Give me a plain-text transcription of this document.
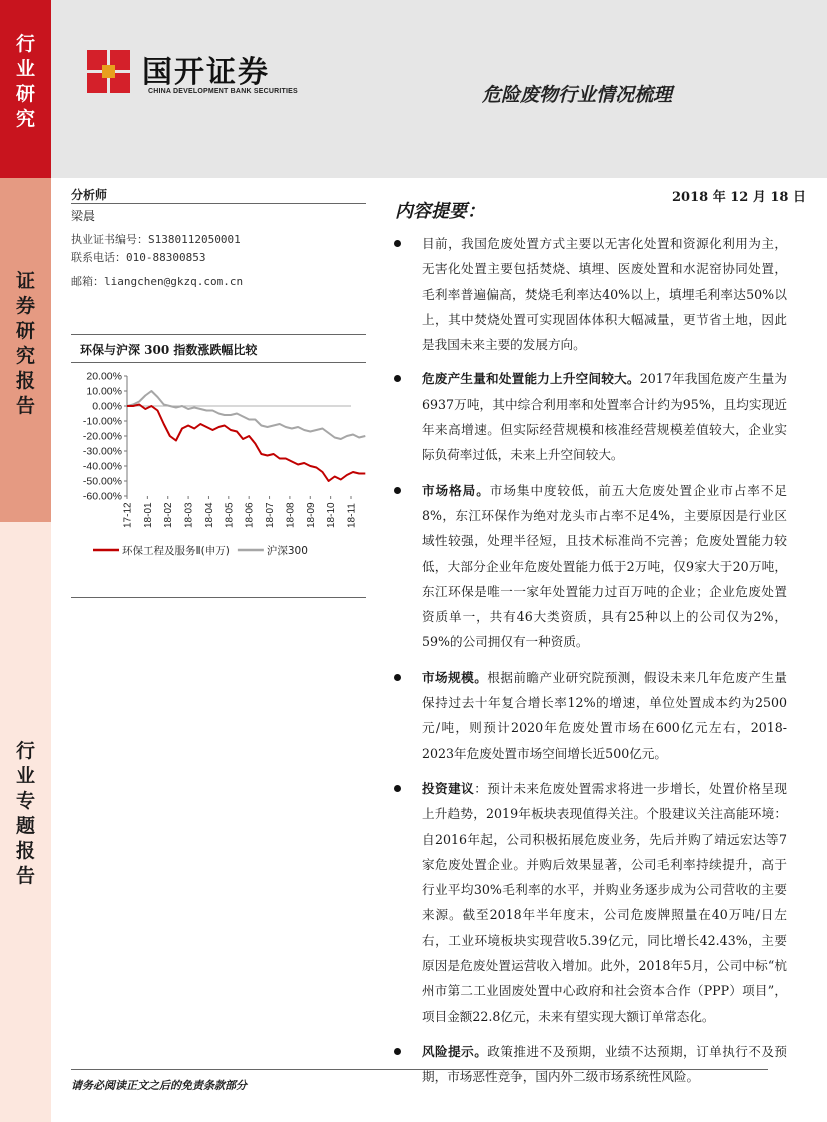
行
业
研
究
证
券
研
究
报
告
行
业
专
题
报
告
国开证券
CHINA DEVELOPMENT BANK SECURITIES	危险废物行业情况梳理
分析师
梁晨
执业证书编号：S1380112050001
联系电话：010-88300853
邮箱：liangchen@gkzq.com.cn
环保与沪深 300 指数涨跌幅比较
20.00%
10.00%
0.00%
-10.00%
-20.00%
-30.00%
-40.00%
-50.00%
-60.00%
17-12 18-01 18-02 18-03 18-04 18-05 18-06 18-07 18-08 18-09 18-10 18-11
环保工程及服务Ⅱ(申万)	沪深300
2018 年 12 月 18 日
内容提要：
目前，我国危废处置方式主要以无害化处置和资源化利用为主，无害化处置主要包括焚烧、填埋、医废处置和水泥窑协同处置，毛利率普遍偏高，焚烧毛利率达40%以上，填埋毛利率达50%以上，其中焚烧处置可实现固体体积大幅减量，更节省土地，因此是我国未来主要的发展方向。
危废产生量和处置能力上升空间较大。2017年我国危废产生量为6937万吨，其中综合利用率和处置率合计约为95%，且均实现近年来高增速。但实际经营规模和核准经营规模差值较大，企业实际负荷率过低，未来上升空间较大。
市场格局。市场集中度较低，前五大危废处置企业市占率不足8%，东江环保作为绝对龙头市占率不足4%，主要原因是行业区域性较强，处理半径短，且技术标准尚不完善；危废处置能力较低，大部分企业年危废处置能力低于2万吨，仅9家大于20万吨，东江环保是唯一一家年处置能力过百万吨的企业；企业危废处置资质单一，共有46大类资质，具有25种以上的公司仅为2%，59%的公司拥仅有一种资质。
市场规模。根据前瞻产业研究院预测，假设未来几年危废产生量保持过去十年复合增长率12%的增速，单位处置成本约为2500元/吨，则预计2020年危废处置市场在600亿元左右，2018-2023年危废处置市场空间增长近500亿元。
投资建议：预计未来危废处置需求将进一步增长，处置价格呈现上升趋势，2019年板块表现值得关注。个股建议关注高能环境：自2016年起，公司积极拓展危废业务，先后并购了靖远宏达等7家危废处置企业。并购后效果显著，公司毛利率持续提升，高于行业平均30%毛利率的水平，并购业务逐步成为公司营收的主要来源。截至2018年半年度末，公司危废牌照量在40万吨/日左右，工业环境板块实现营收5.39亿元，同比增长42.43%，主要原因是危废处置运营收入增加。此外，2018年5月，公司中标“杭州市第二工业固废处置中心政府和社会资本合作（PPP）项目”，项目金额22.8亿元，未来有望实现大额订单常态化。
风险提示。政策推进不及预期，业绩不达预期，订单执行不及预期，市场恶性竞争，国内外二级市场系统性风险。
请务必阅读正文之后的免责条款部分
